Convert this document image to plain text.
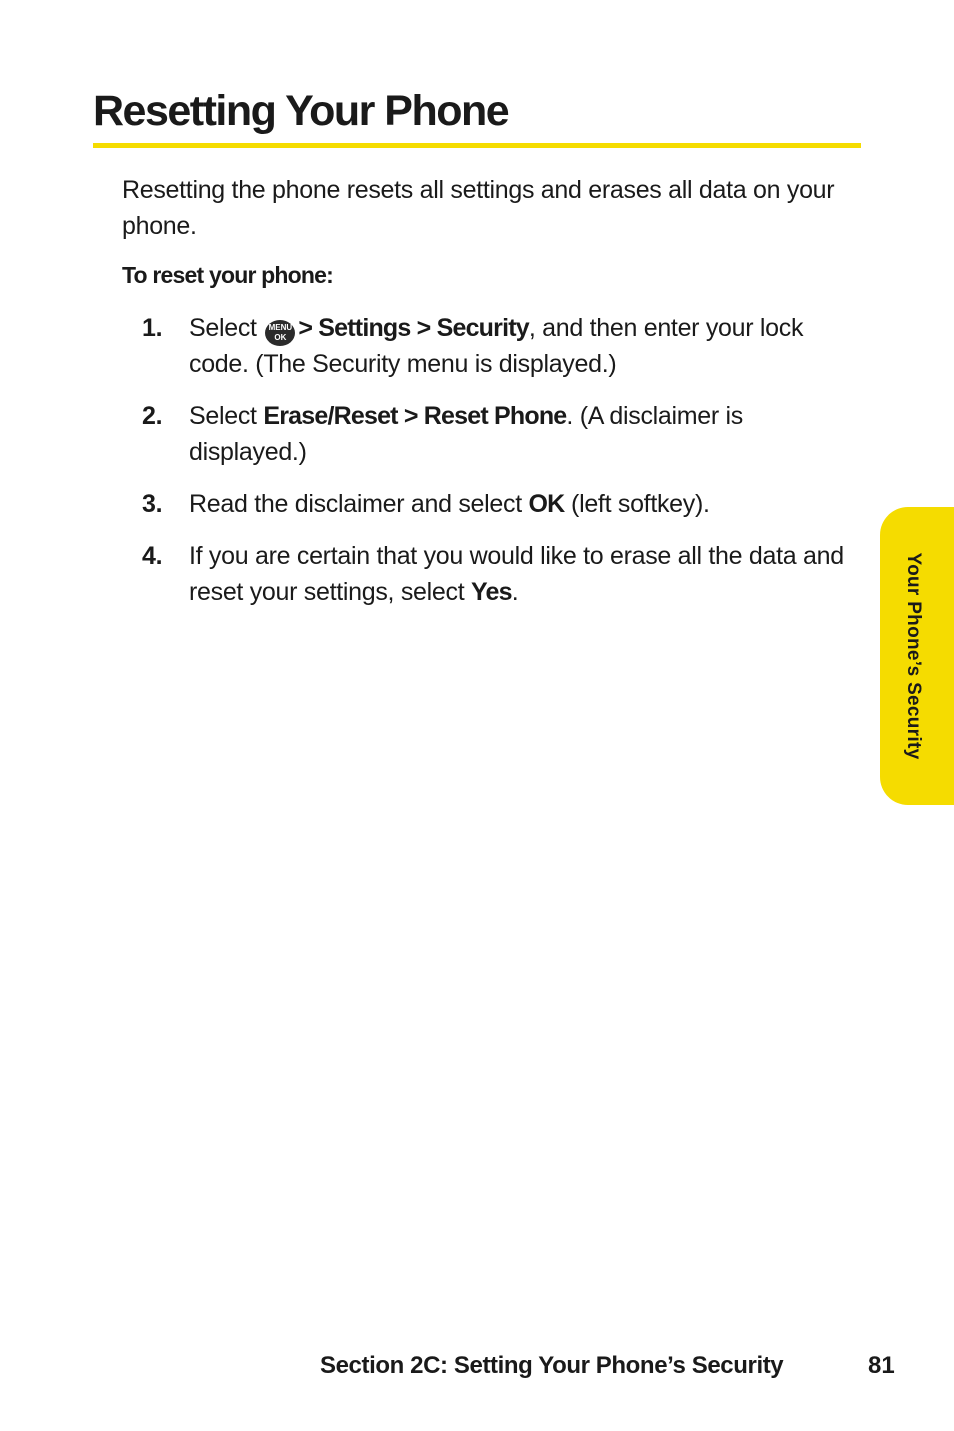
Resetting Your Phone

Resetting the phone resets all settings and erases all data on your phone.

To reset your phone:

1. Select MENU
OK > Settings > Security, and then enter your lock code. (The Security menu is displayed.)
2. Select Erase/Reset > Reset Phone. (A disclaimer is displayed.)
3. Read the disclaimer and select OK (left softkey).
4. If you are certain that you would like to erase all the data and reset your settings, select Yes.	Your Phone’s Security
Section 2C: Setting Your Phone’s Security	81
